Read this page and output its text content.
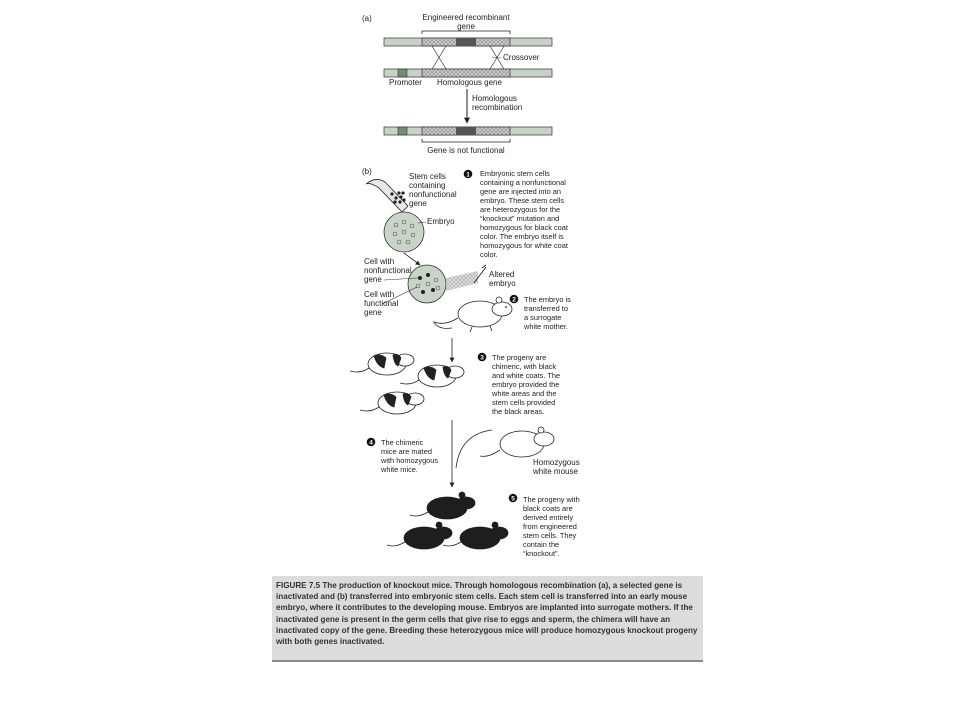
(a)	Engineered recombinant
gene
Crossover
Promoter Homologous gene
Homologous
recombination
Gene is not functional
(b)
Stem cells
containing
nonfunctional
gene
Embryo
Cell with
nonfunctional
gene
Cell with
functional
gene
Altered
embryo
Homozygous
white mouse
1 Embryonic stem cells
containing a nonfunctional
gene are injected into an
embryo. These stem cells
are heterozygous for the
“knockout” mutation and
homozygous for black coat
color. The embryo itself is
homozygous for white coat
color.
2 The embryo is
transferred to
a surrogate
white mother.
3 The progeny are
chimeric, with black
and white coats. The
embryo provided the
white areas and the
stem cells provided
the black areas.
4 The chimeric
mice are mated
with homozygous
white mice.
5 The progeny with
black coats are
derived entirely
from engineered
stem cells. They
contain the
“knockout”.

FIGURE 7.5 The production of knockout mice. Through homologous recombination (a), a selected gene is

inactivated and (b) transferred into embryonic stem cells. Each stem cell is transferred into an early mouse

embryo, where it contributes to the developing mouse. Embryos are implanted into surrogate mothers. If the

inactivated gene is present in the germ cells that give rise to eggs and sperm, the chimera will have an

inactivated copy of the gene. Breeding these heterozygous mice will produce homozygous knockout progeny

with both genes inactivated.
